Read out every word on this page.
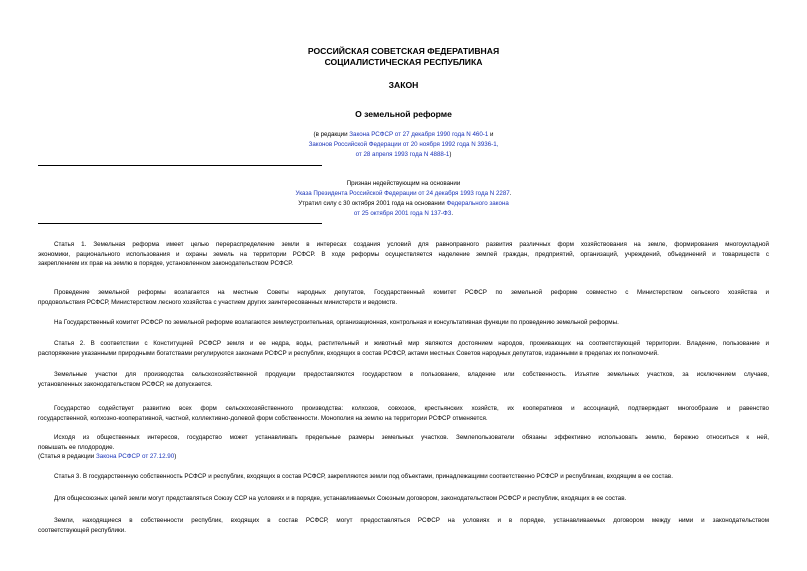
РОССИЙСКАЯ СОВЕТСКАЯ ФЕДЕРАТИВНАЯ
СОЦИАЛИСТИЧЕСКАЯ РЕСПУБЛИКА
ЗАКОН
О земельной реформе
(в редакции Закона РСФСР от 27 декабря 1990 года N 460-1 и
Законов Российской Федерации от 20 ноября 1992 года N 3936-1,
от 28 апреля 1993 года N 4888-1)
Признан недействующим на основании
Указа Президента Российской Федерации от 24 декабря 1993 года N 2287.
Утратил силу с 30 октября 2001 года на основании Федерального закона
от 25 октября 2001 года N 137-ФЗ.
Статья 1. Земельная реформа имеет целью перераспределение земли в интересах создания условий для равноправного развития различных форм хозяйствования на земле, формирования многоукладной
экономики, рационального использования и охраны земель на территории РСФСР. В ходе реформы осуществляется наделение землей граждан, предприятий, организаций, учреждений, объединений и товариществ с
закреплением их прав на землю в порядке, установленном законодательством РСФСР.
Проведение земельной реформы возлагается на местные Советы народных депутатов, Государственный комитет РСФСР по земельной реформе совместно с Министерством сельского хозяйства и
продовольствия РСФСР, Министерством лесного хозяйства с участием других заинтересованных министерств и ведомств.
На Государственный комитет РСФСР по земельной реформе возлагаются землеустроительная, организационная, контрольная и консультативная функции по проведению земельной реформы.
Статья 2. В соответствии с Конституцией РСФСР земля и ее недра, воды, растительный и животный мир являются достоянием народов, проживающих на соответствующей территории. Владение, пользование и
распоряжение указанными природными богатствами регулируются законами РСФСР и республик, входящих в состав РСФСР, актами местных Советов народных депутатов, изданными в пределах их полномочий.
Земельные участки для производства сельскохозяйственной продукции предоставляются государством в пользование, владение или собственность. Изъятие земельных участков, за исключением случаев,
установленных законодательством РСФСР, не допускается.
Государство содействует развитию всех форм сельскохозяйственного производства: колхозов, совхозов, крестьянских хозяйств, их кооперативов и ассоциаций, подтверждает многообразие и равенство
государственной, колхозно-кооперативной, частной, коллективно-долевой форм собственности. Монополия на землю на территории РСФСР отменяется.
Исходя из общественных интересов, государство может устанавливать предельные размеры земельных участков. Землепользователи обязаны эффективно использовать землю, бережно относиться к ней,
повышать ее плодородие.
(Статья в редакции Закона РСФСР от 27.12.90)
Статья 3. В государственную собственность РСФСР и республик, входящих в состав РСФСР, закрепляются земли под объектами, принадлежащими соответственно РСФСР и республикам, входящим в ее состав.
Для общесоюзных целей земли могут представляться Союзу ССР на условиях и в порядке, устанавливаемых Союзным договором, законодательством РСФСР и республик, входящих в ее состав.
Земли, находящиеся в собственности республик, входящих в состав РСФСР, могут предоставляться РСФСР на условиях и в порядке, устанавливаемых договором между ними и законодательством
соответствующей республики.
